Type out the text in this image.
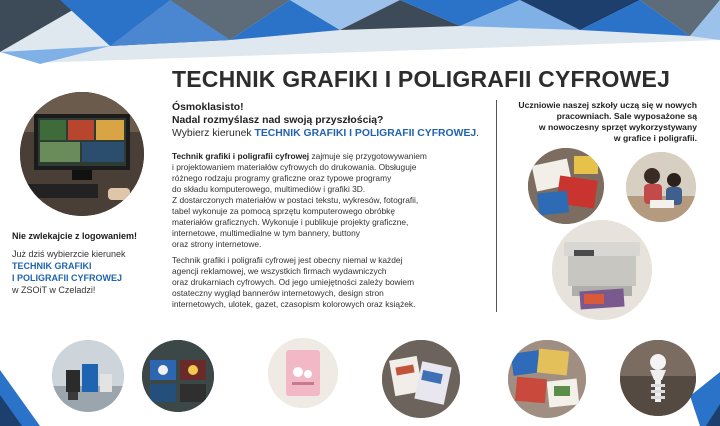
TECHNIK GRAFIKI I POLIGRAFII CYFROWEJ
Nie zwlekajcie z logowaniem!
Już dziś wybierzcie kierunek
TECHNIK GRAFIKI
I POLIGRAFII CYFROWEJ
w ZSOiT w Czeladzi!
Ósmoklasisto!
Nadal rozmyślasz nad swoją przyszłością?
Wybierz kierunek TECHNIK GRAFIKI I POLIGRAFII CYFROWEJ.
Technik grafiki i poligrafii cyfrowej zajmuje się przygotowywaniem
i projektowaniem materiałów cyfrowych do drukowania. Obsługuje
różnego rodzaju programy graficzne oraz typowe programy
do składu komputerowego, multimediów i grafiki 3D.
Z dostarczonych materiałów w postaci tekstu, wykresów, fotografii,
tabel wykonuje za pomocą sprzętu komputerowego obróbkę
materiałów graficznych. Wykonuje i publikuje projekty graficzne,
internetowe, multimedialne w tym bannery, buttony
oraz strony internetowe.
Technik grafiki i poligrafii cyfrowej jest obecny niemal w każdej
agencji reklamowej, we wszystkich firmach wydawniczych
oraz drukarniach cyfrowych. Od jego umiejętności zależy bowiem
ostateczny wygląd bannerów internetowych, design stron
internetowych, ulotek, gazet, czasopism kolorowych oraz książek.
Uczniowie naszej szkoły uczą się w nowych
pracowniach. Sale wyposażone są
w nowoczesny sprzęt wykorzystywany
w grafice i poligrafii.
